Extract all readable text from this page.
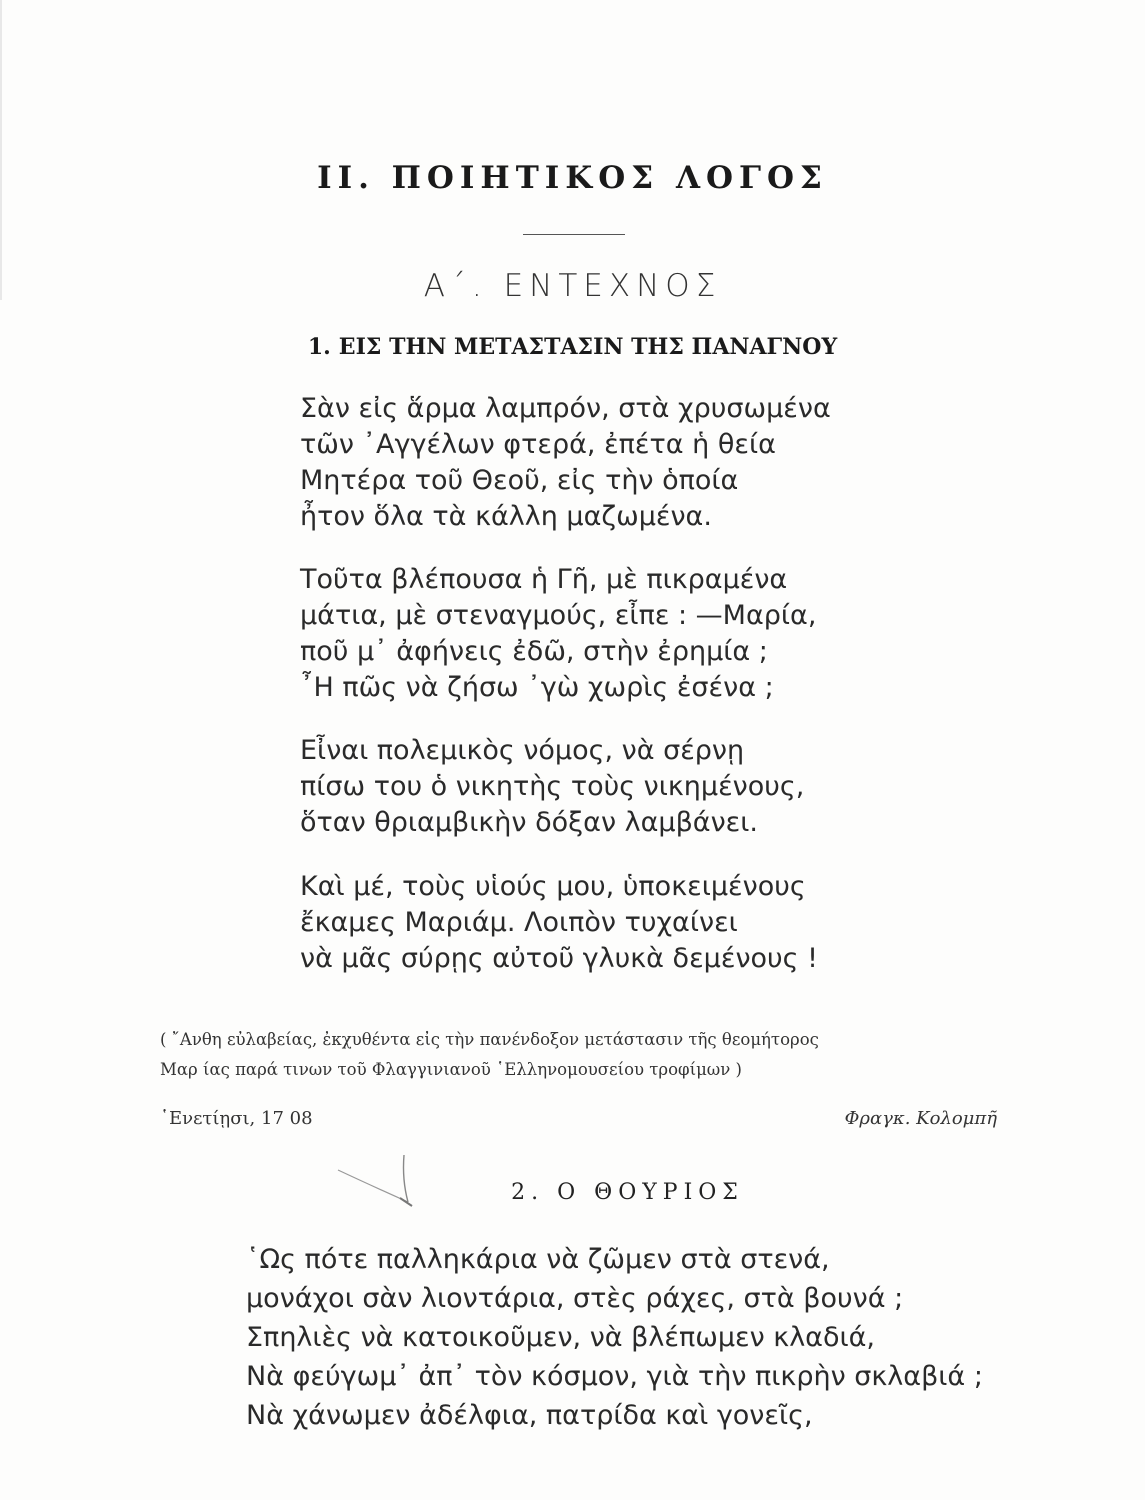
II. ΠΟΙΗΤΙΚΟΣ ΛΟΓΟΣ
Α΄. ΕΝΤΕΧΝΟΣ
1. ΕΙΣ ΤΗΝ ΜΕΤΑΣΤΑΣΙΝ ΤΗΣ ΠΑΝΑΓΝΟΥ
Σὰν εἰς ἅρμα λαμπρόν, στὰ χρυσωμένα
τῶν ᾿Αγγέλων φτερά, ἐπέτα ἡ θεία
Μητέρα τοῦ Θεοῦ, εἰς τὴν ὁποία
ἦτον ὅλα τὰ κάλλη μαζωμένα.
Τοῦτα βλέπουσα ἡ Γῆ, μὲ πικραμένα
μάτια, μὲ στεναγμούς, εἶπε : —Μαρία,
ποῦ μ᾿ ἀφήνεις ἐδῶ, στὴν ἐρημία ;
῏Η πῶς νὰ ζήσω ᾿γὼ χωρὶς ἐσένα ;
Εἶναι πολεμικὸς νόμος, νὰ σέρνῃ
πίσω του ὁ νικητὴς τοὺς νικημένους,
ὅταν θριαμβικὴν δόξαν λαμβάνει.
Καὶ μέ, τοὺς υἱούς μου, ὑποκειμένους
ἔκαμες Μαριάμ. Λοιπὸν τυχαίνει
νὰ μᾶς σύρῃς αὐτοῦ γλυκὰ δεμένους !
( ῎Ανθη εὐλαβείας, ἐκχυθέντα εἰς τὴν πανένδοξον μετάστασιν τῆς θεομήτορος
Μαρ ίας παρά τινων τοῦ Φλαγγινιανοῦ ῾Ελληνομουσείου τροφίμων )
῾Ενετίῃσι, 17 08	Φραγκ. Κολομπῆ
2. Ο ΘΟΥΡΙΟΣ
῾Ως πότε παλληκάρια νὰ ζῶμεν στὰ στενά,
μονάχοι σὰν λιοντάρια, στὲς ράχες, στὰ βουνά ;
Σπηλιὲς νὰ κατοικοῦμεν, νὰ βλέπωμεν κλαδιά,
Νὰ φεύγωμ᾿ ἀπ᾿ τὸν κόσμον, γιὰ τὴν πικρὴν σκλαβιά ;
Νὰ χάνωμεν ἀδέλφια, πατρίδα καὶ γονεῖς,
